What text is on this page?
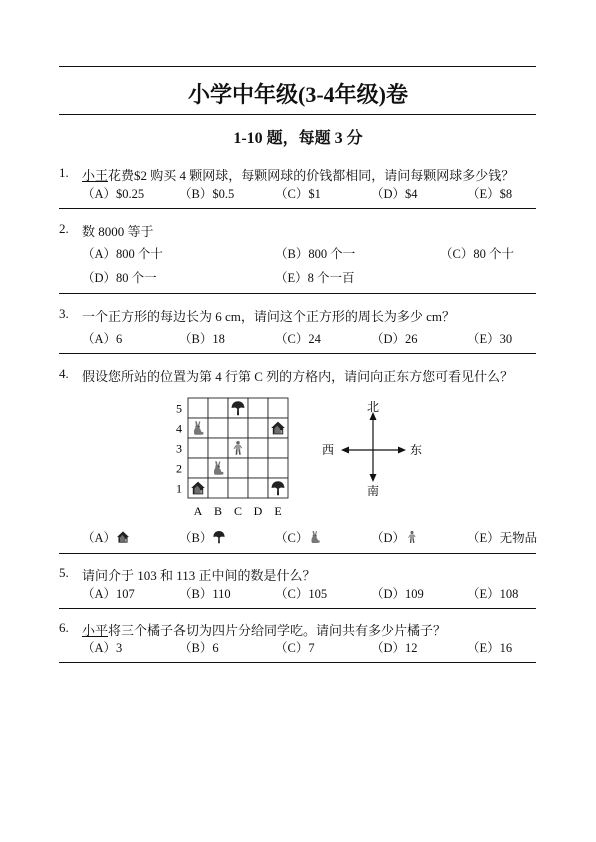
小学中年级(3-4年级)卷
1-10 题，每题 3 分
1. 小王花费$2 购买 4 颗网球，每颗网球的价钱都相同，请问每颗网球多少钱？
（A）$0.25	（B）$0.5	（C）$1	（D）$4	（E）$8
2. 数 8000 等于
（A）800 个十	（B）800 个一	（C）80 个十
（D）80 个一	（E）8 个一百
3. 一个正方形的每边长为 6 cm，请问这个正方形的周长为多少 cm？
（A）6	（B）18	（C）24	（D）26	（E）30
4. 假设您所站的位置为第 4 行第 C 列的方格内，请问向正东方您可看见什么？
5
4
3
2
1
A B C D E
北
南
西	东
（A）	（B）	（C）	（D）	（E）无物品
5. 请问介于 103 和 113 正中间的数是什么？
（A）107	（B）110	（C）105	（D）109	（E）108
6. 小平将三个橘子各切为四片分给同学吃。请问共有多少片橘子？
（A）3	（B）6	（C）7	（D）12	（E）16
